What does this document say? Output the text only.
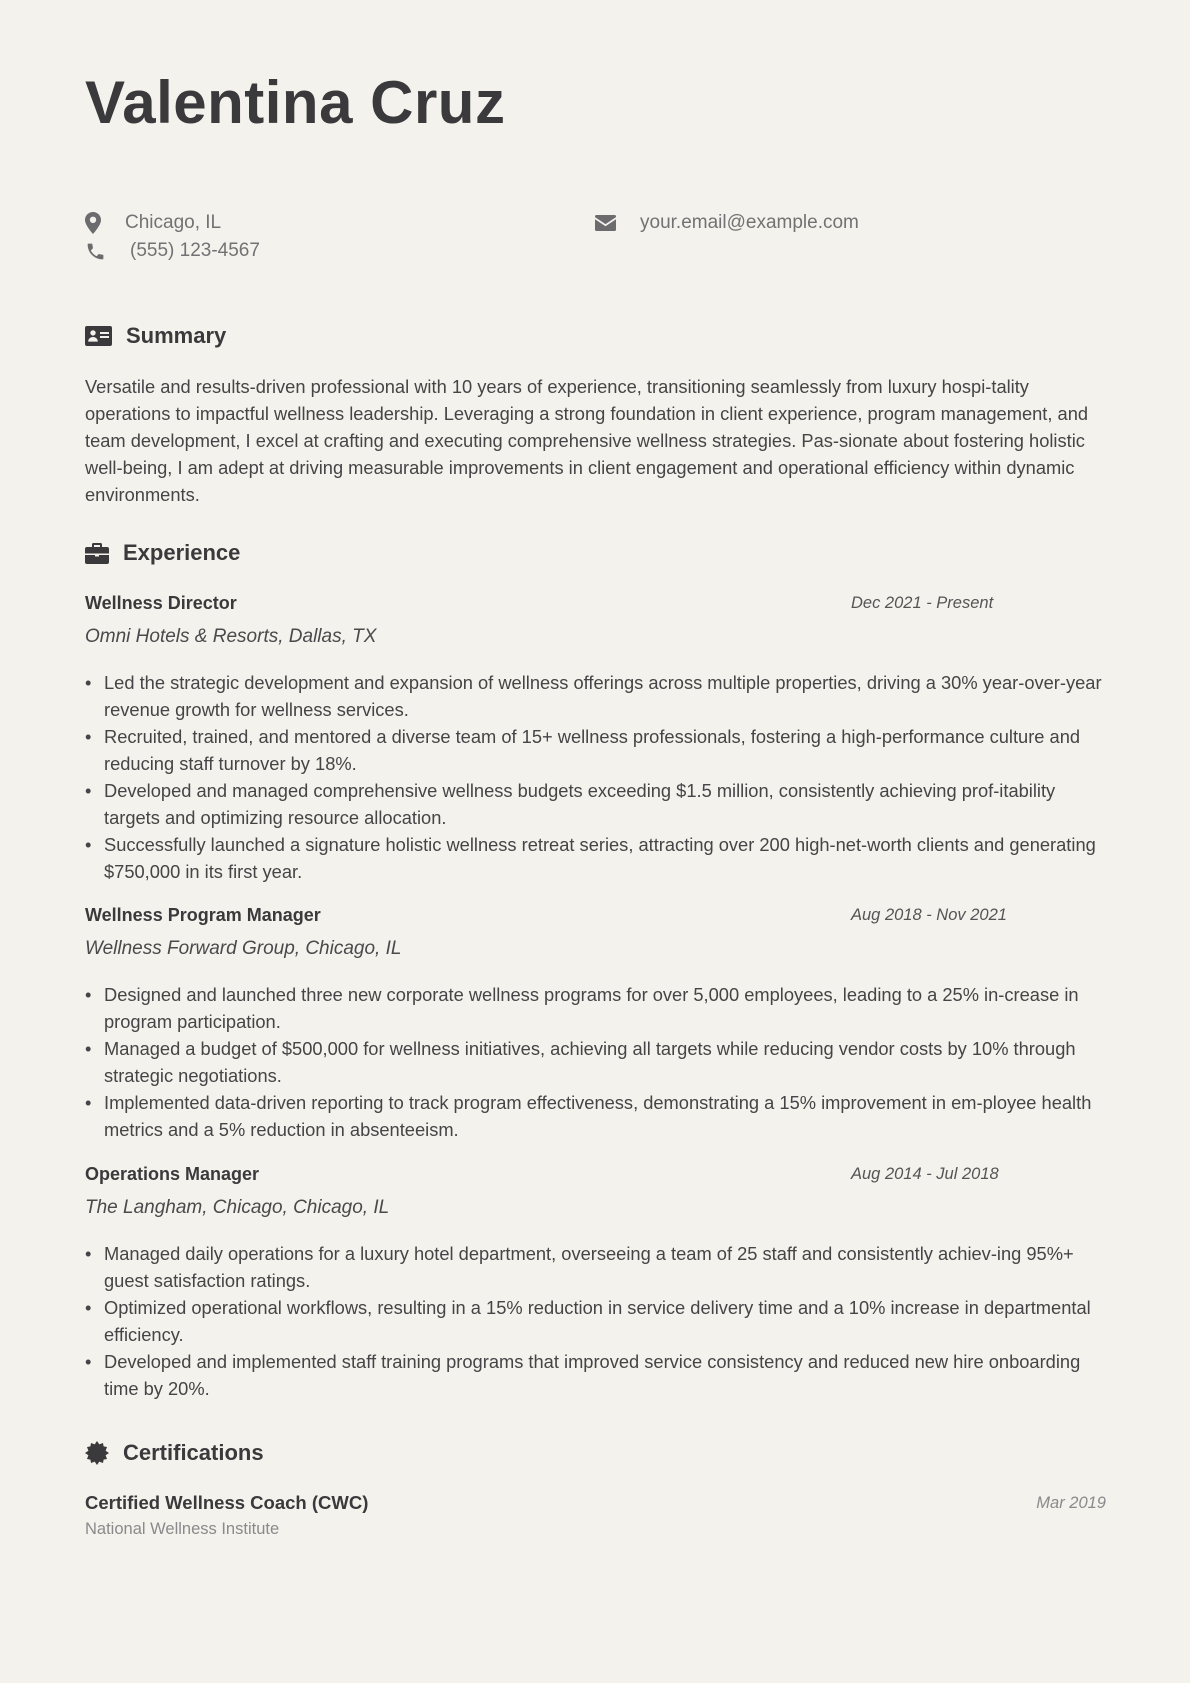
Valentina Cruz
Chicago, IL	your.email@example.com
(555) 123-4567
Summary

Versatile and results-driven professional with 10 years of experience, transitioning seamlessly from luxury hospi-tality operations to impactful wellness leadership. Leveraging a strong foundation in client experience, program management, and team development, I excel at crafting and executing comprehensive wellness strategies. Pas-sionate about fostering holistic well-being, I am adept at driving measurable improvements in client engagement and operational efficiency within dynamic environments.

Experience
Wellness Director	Dec 2021 - Present
Omni Hotels & Resorts, Dallas, TX
• Led the strategic development and expansion of wellness offerings across multiple properties, driving a 30% year-over-year revenue growth for wellness services.
• Recruited, trained, and mentored a diverse team of 15+ wellness professionals, fostering a high-performance culture and reducing staff turnover by 18%.
• Developed and managed comprehensive wellness budgets exceeding $1.5 million, consistently achieving prof-itability targets and optimizing resource allocation.
• Successfully launched a signature holistic wellness retreat series, attracting over 200 high-net-worth clients and generating $750,000 in its first year.
Wellness Program Manager	Aug 2018 - Nov 2021
Wellness Forward Group, Chicago, IL
• Designed and launched three new corporate wellness programs for over 5,000 employees, leading to a 25% in-crease in program participation.
• Managed a budget of $500,000 for wellness initiatives, achieving all targets while reducing vendor costs by 10% through strategic negotiations.
• Implemented data-driven reporting to track program effectiveness, demonstrating a 15% improvement in em-ployee health metrics and a 5% reduction in absenteeism.
Operations Manager	Aug 2014 - Jul 2018
The Langham, Chicago, Chicago, IL
• Managed daily operations for a luxury hotel department, overseeing a team of 25 staff and consistently achiev-ing 95%+ guest satisfaction ratings.
• Optimized operational workflows, resulting in a 15% reduction in service delivery time and a 10% increase in departmental efficiency.
• Developed and implemented staff training programs that improved service consistency and reduced new hire onboarding time by 20%.
Certifications
Certified Wellness Coach (CWC)
National Wellness Institute
Mar 2019
